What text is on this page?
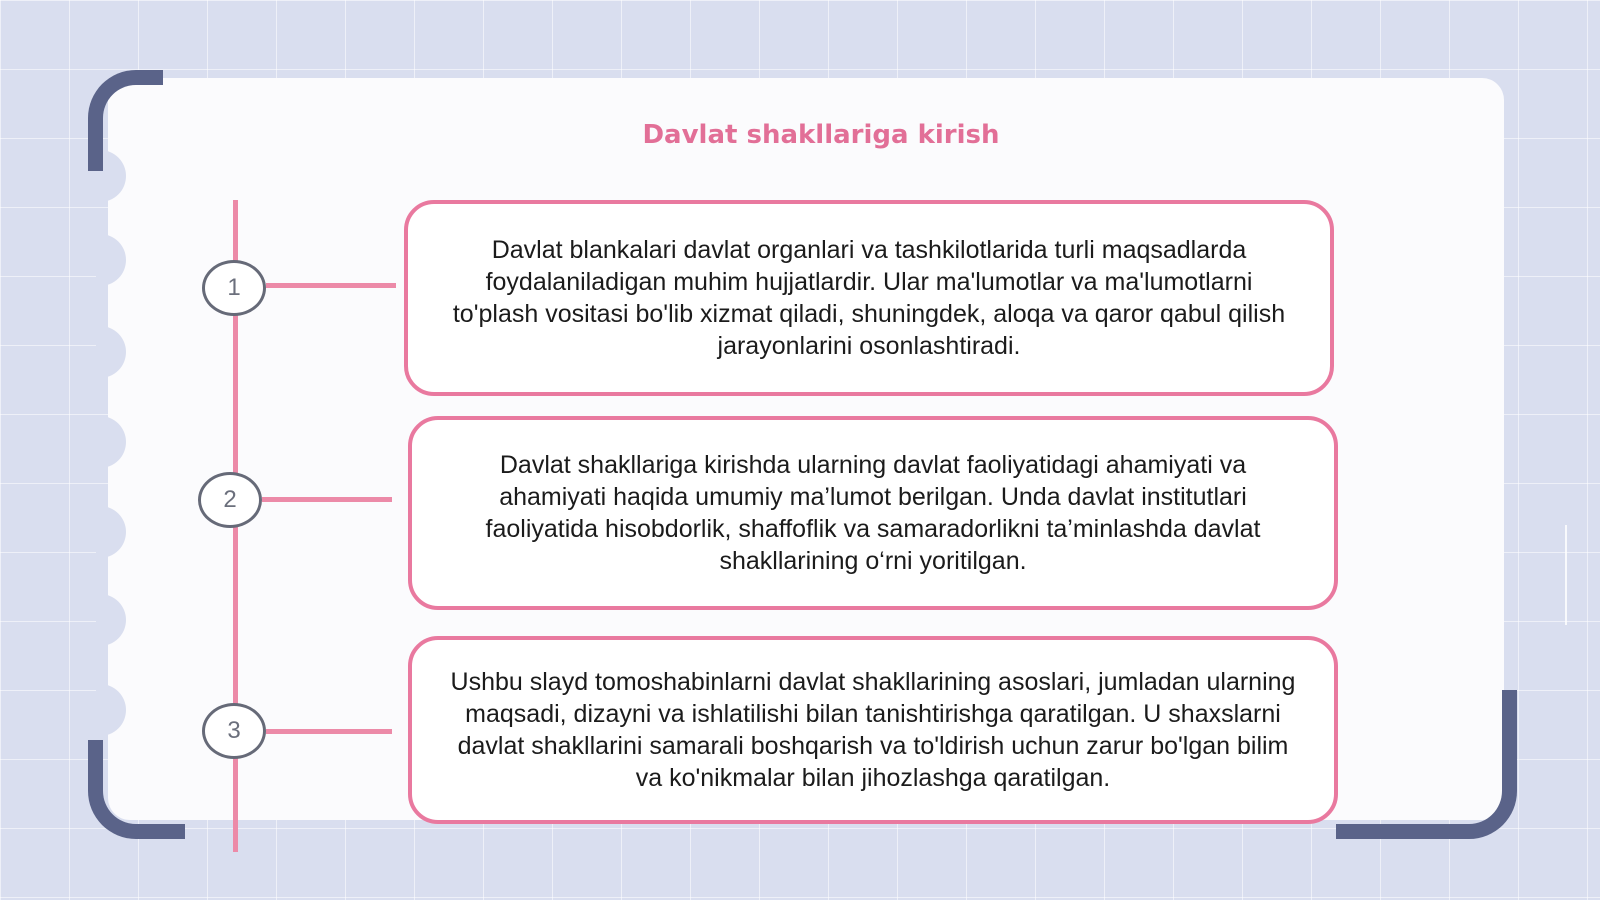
Davlat shakllariga kirish
1

Davlat blankalari davlat organlari va tashkilotlarida turli maqsadlarda foydalaniladigan muhim hujjatlardir. Ular ma'lumotlar va ma'lumotlarni to'plash vositasi bo'lib xizmat qiladi, shuningdek, aloqa va qaror qabul qilish jarayonlarini osonlashtiradi.

2

Davlat shakllariga kirishda ularning davlat faoliyatidagi ahamiyati va ahamiyati haqida umumiy ma’lumot berilgan. Unda davlat institutlari faoliyatida hisobdorlik, shaffoflik va samaradorlikni ta’minlashda davlat shakllarining o‘rni yoritilgan.

3

Ushbu slayd tomoshabinlarni davlat shakllarining asoslari, jumladan ularning maqsadi, dizayni va ishlatilishi bilan tanishtirishga qaratilgan. U shaxslarni davlat shakllarini samarali boshqarish va to'ldirish uchun zarur bo'lgan bilim va ko'nikmalar bilan jihozlashga qaratilgan.
